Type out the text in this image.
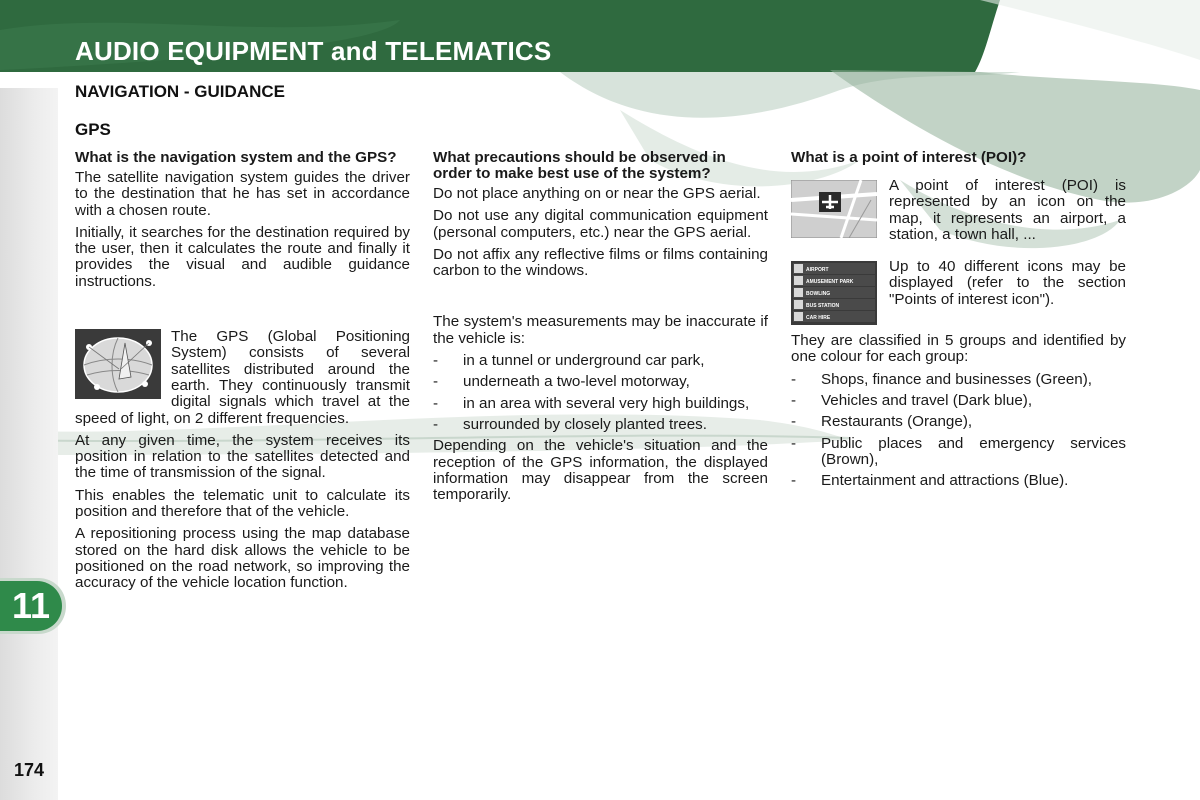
AUDIO EQUIPMENT and TELEMATICS
NAVIGATION - GUIDANCE
GPS
What is the navigation system and the GPS?

The satellite navigation system guides the driver to the destination that he has set in accordance with a chosen route.

Initially, it searches for the destination required by the user, then it calculates the route and finally it provides the visual and audible guidance instructions.

The GPS (Global Positioning System) consists of several satellites distributed around the earth. They continuously transmit digital signals which travel at the speed of light, on 2 different frequencies.

At any given time, the system receives its position in relation to the satellites detected and the time of transmission of the signal.

This enables the telematic unit to calculate its position and therefore that of the vehicle.

A repositioning process using the map database stored on the hard disk allows the vehicle to be positioned on the road network, so improving the accuracy of the vehicle location function.

What precautions should be observed in order to make best use of the system?

Do not place anything on or near the GPS aerial.

Do not use any digital communication equipment (personal computers, etc.) near the GPS aerial.

Do not affix any reflective films or films containing carbon to the windows.

The system's measurements may be inaccurate if the vehicle is:

- in a tunnel or underground car park,
- underneath a two-level motorway,
- in an area with several very high buildings,
- surrounded by closely planted trees.

Depending on the vehicle's situation and the reception of the GPS information, the displayed information may disappear from the screen temporarily.

What is a point of interest (POI)?

A point of interest (POI) is represented by an icon on the map, it represents an airport, a station, a town hall, ...

AIRPORT
AMUSEMENT PARK
BOWLING
BUS STATION
CAR HIRE

Up to 40 different icons may be displayed (refer to the section "Points of interest icon").

They are classified in 5 groups and identified by one colour for each group:

- Shops, finance and businesses (Green),
- Vehicles and travel (Dark blue),
- Restaurants (Orange),
- Public places and emergency services (Brown),
- Entertainment and attractions (Blue).
11
174
